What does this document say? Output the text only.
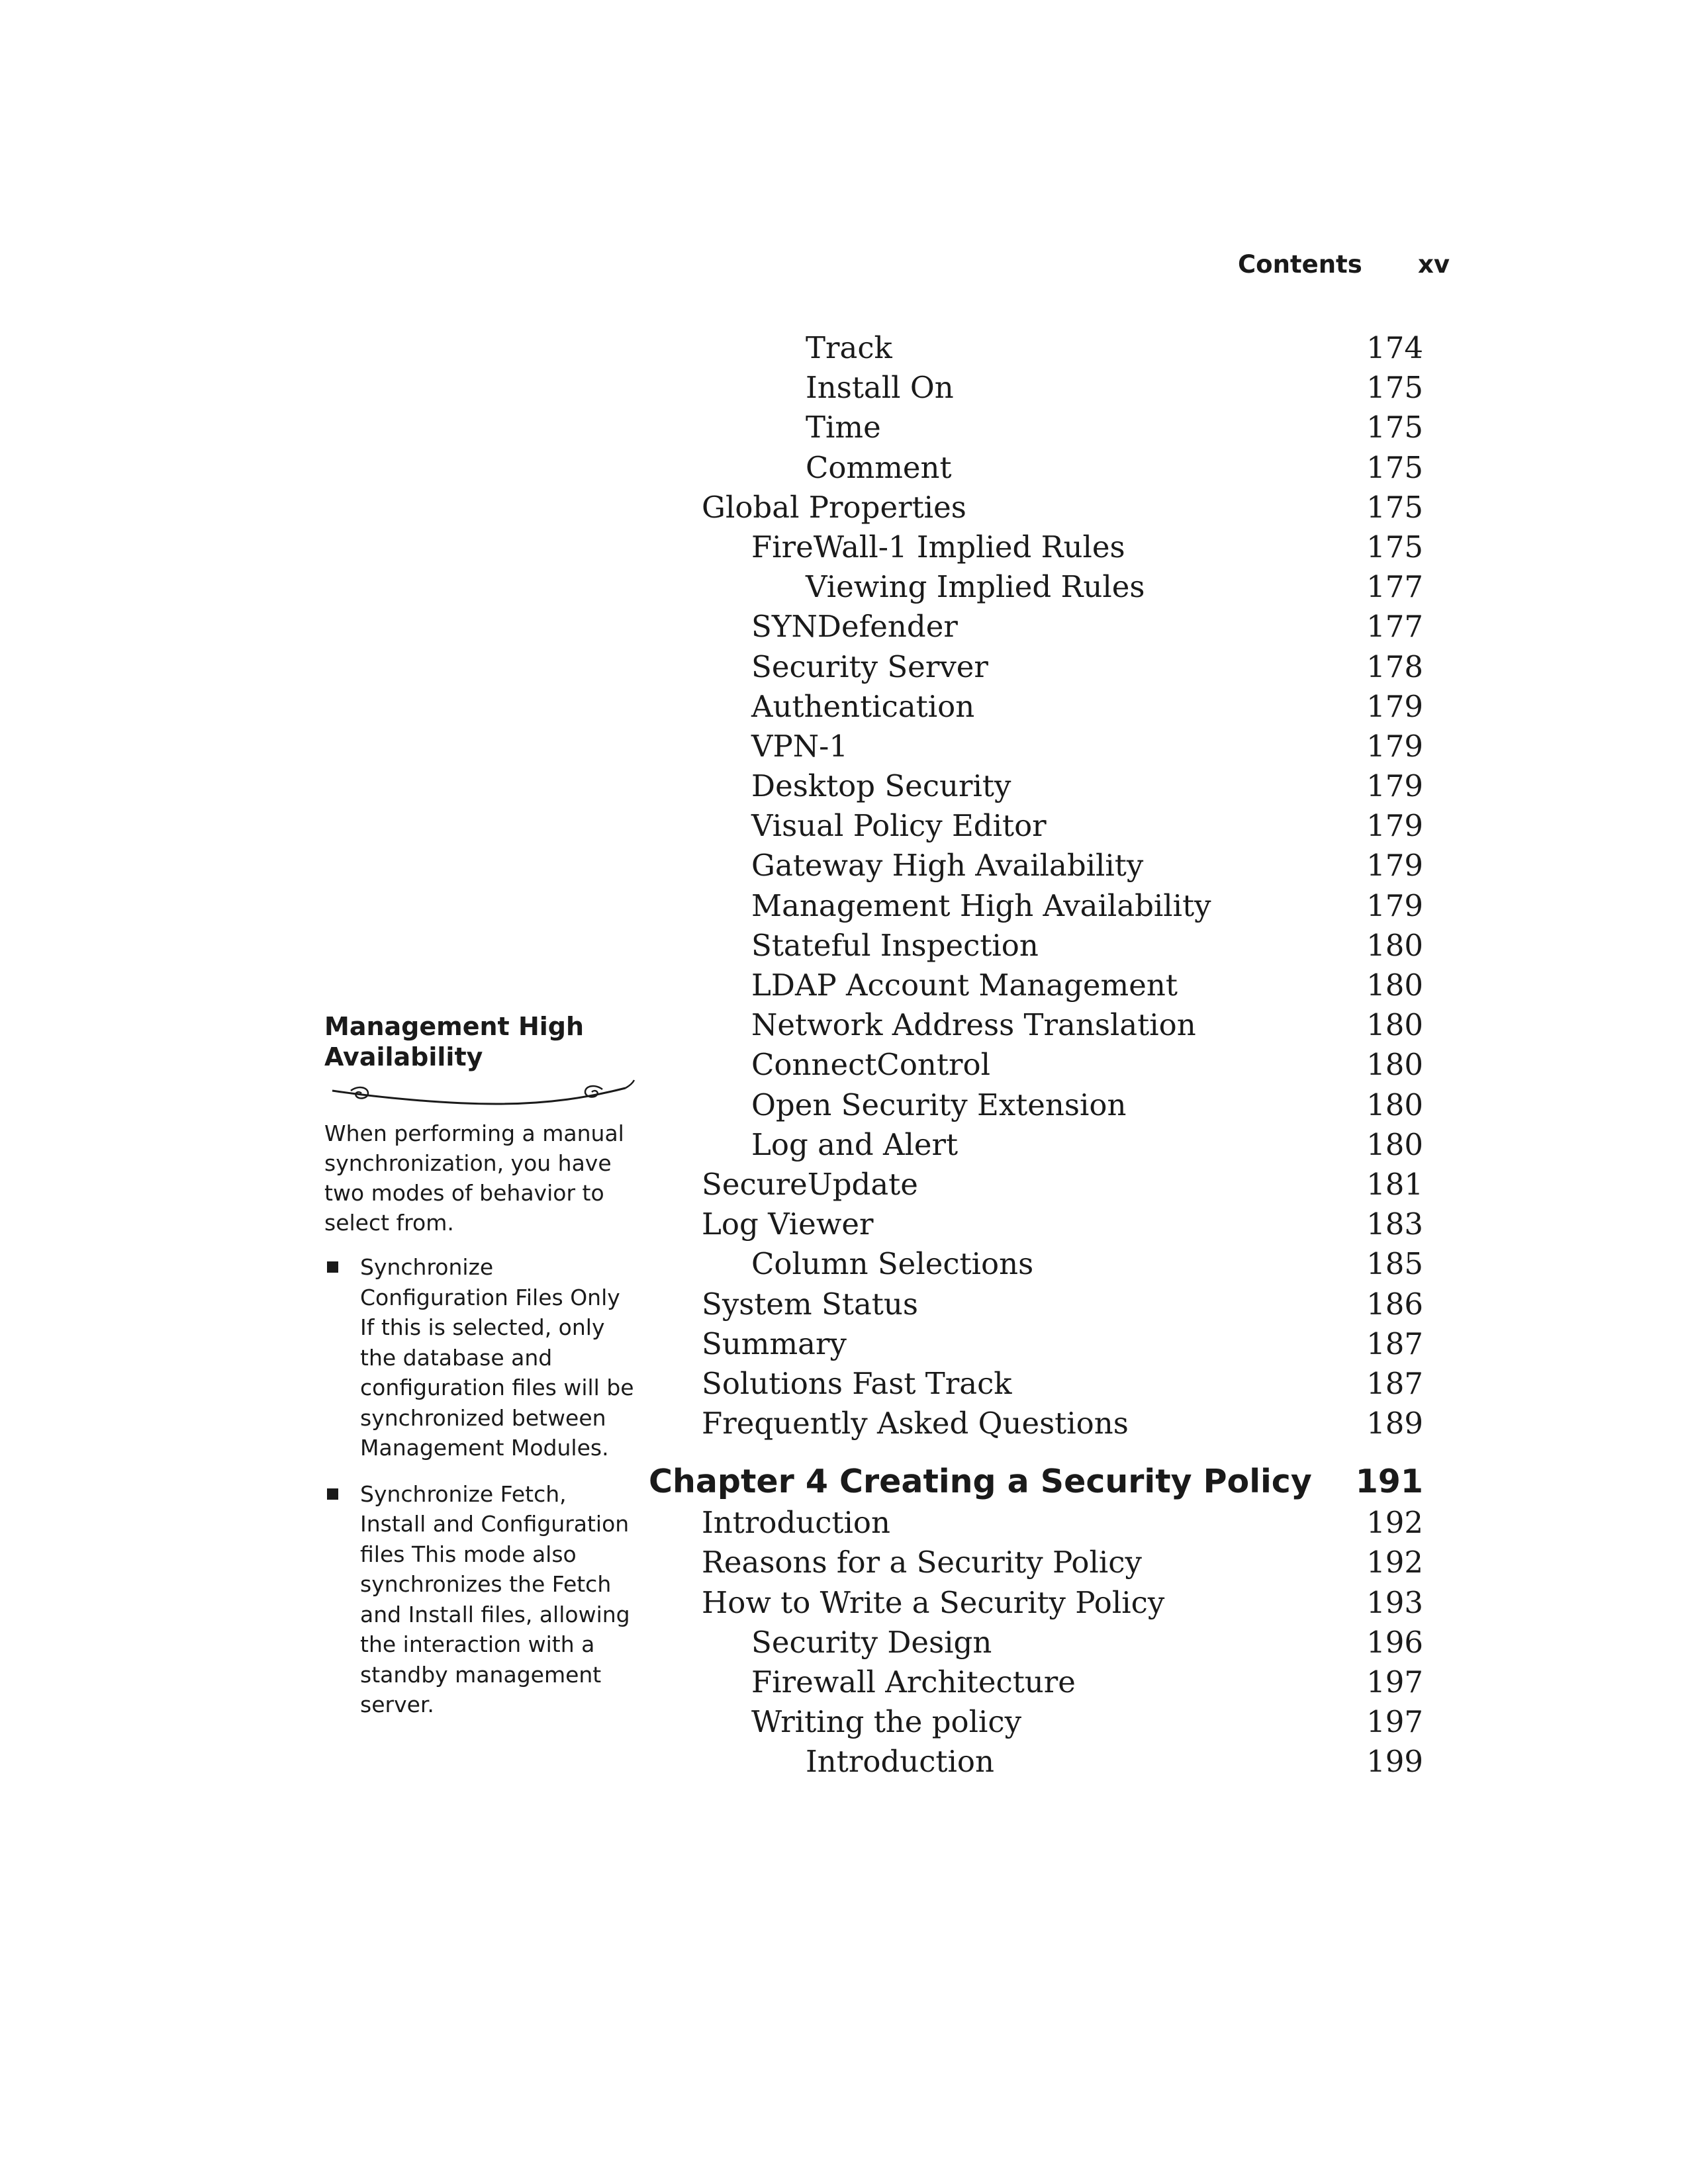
Contents xv
Track	174
Install On	175
Time	175
Comment	175
Global Properties	175
FireWall-1 Implied Rules	175
Viewing Implied Rules	177
SYNDefender	177
Security Server	178
Authentication	179
VPN-1	179
Desktop Security	179
Visual Policy Editor	179
Gateway High Availability	179
Management High Availability	179
Stateful Inspection	180
LDAP Account Management	180
Network Address Translation	180
ConnectControl	180
Open Security Extension	180
Log and Alert	180
SecureUpdate	181
Log Viewer	183
Column Selections	185
System Status	186
Summary	187
Solutions Fast Track	187
Frequently Asked Questions	189
Chapter 4 Creating a Security Policy 191
Introduction	192
Reasons for a Security Policy	192
How to Write a Security Policy	193
Security Design	196
Firewall Architecture	197
Writing the policy	197
Introduction	199
Management High Availability

When performing a manual synchronization, you have two modes of behavior to select from.

Synchronize Configuration Files Only If this is selected, only the database and configuration files will be synchronized between Management Modules.
Synchronize Fetch, Install and Configuration files This mode also synchronizes the Fetch and Install files, allowing the interaction with a standby management server.
